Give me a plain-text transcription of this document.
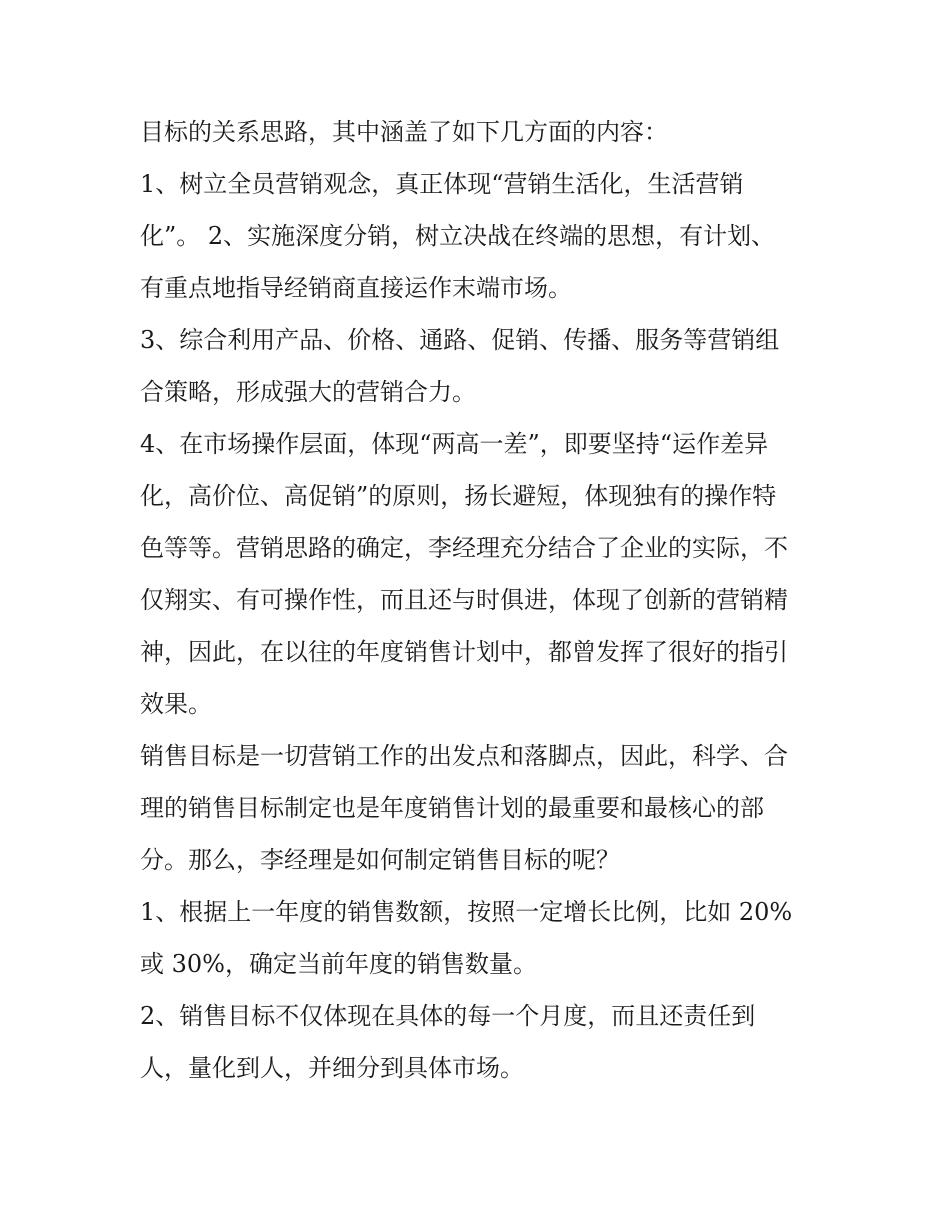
目标的关系思路，其中涵盖了如下几方面的内容：
1、树立全员营销观念，真正体现“营销生活化，生活营销
化”。 2、实施深度分销，树立决战在终端的思想，有计划、
有重点地指导经销商直接运作末端市场。
3、综合利用产品、价格、通路、促销、传播、服务等营销组
合策略，形成强大的营销合力。
4、在市场操作层面，体现“两高一差”，即要坚持“运作差异
化，高价位、高促销”的原则，扬长避短，体现独有的操作特
色等等。营销思路的确定，李经理充分结合了企业的实际，不
仅翔实、有可操作性，而且还与时俱进，体现了创新的营销精
神，因此，在以往的年度销售计划中，都曾发挥了很好的指引
效果。
销售目标是一切营销工作的出发点和落脚点，因此，科学、合
理的销售目标制定也是年度销售计划的最重要和最核心的部
分。那么，李经理是如何制定销售目标的呢？
1、根据上一年度的销售数额，按照一定增长比例，比如 20%
或 30%，确定当前年度的销售数量。
2、销售目标不仅体现在具体的每一个月度，而且还责任到
人，量化到人，并细分到具体市场。
